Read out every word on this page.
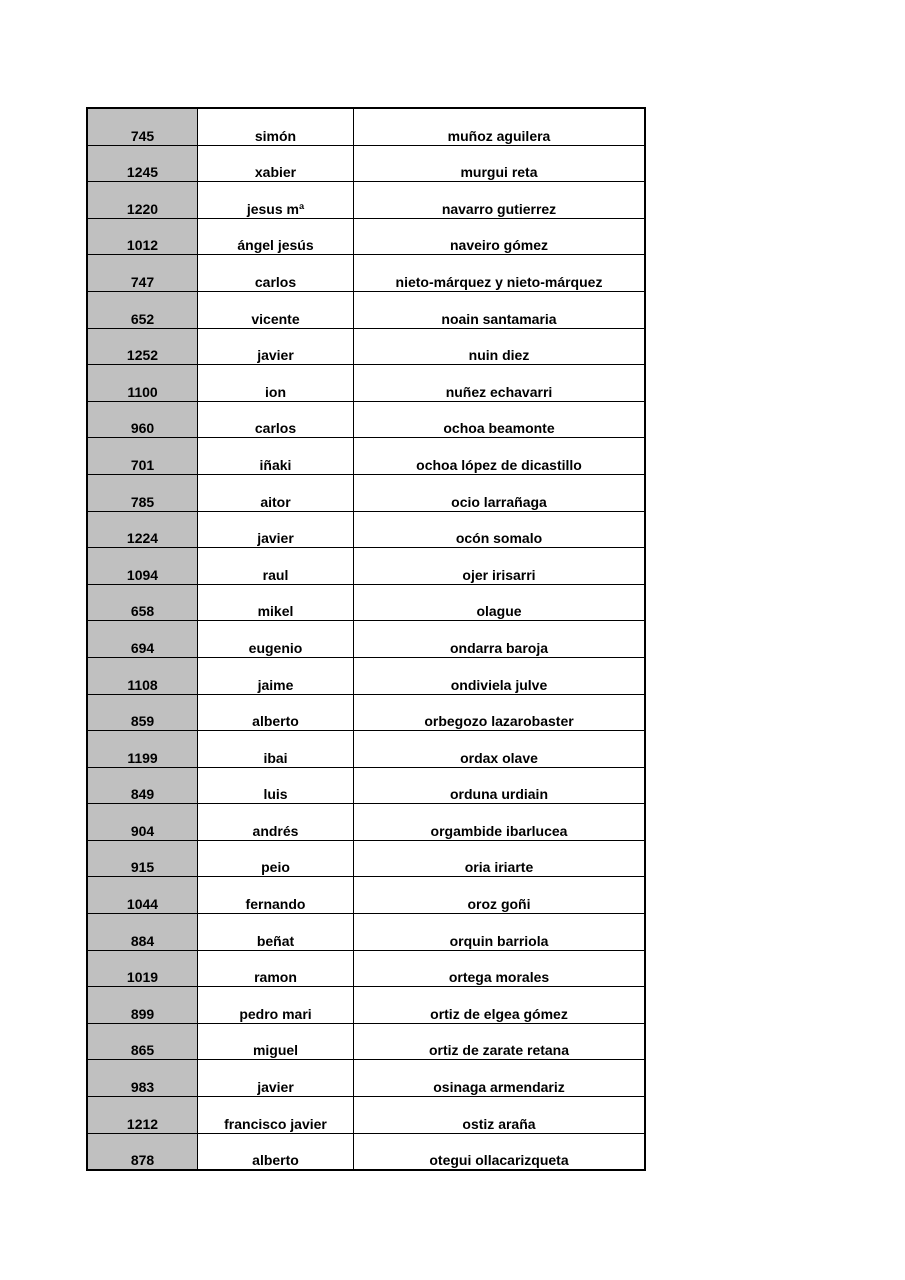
745	simón	muñoz aguilera
1245	xabier	murgui reta
1220	jesus mª	navarro gutierrez
1012	ángel jesús	naveiro gómez
747	carlos	nieto-márquez y nieto-márquez
652	vicente	noain santamaria
1252	javier	nuin diez
1100	ion	nuñez echavarri
960	carlos	ochoa beamonte
701	iñaki	ochoa lópez de dicastillo
785	aitor	ocio larrañaga
1224	javier	ocón somalo
1094	raul	ojer irisarri
658	mikel	olague
694	eugenio	ondarra baroja
1108	jaime	ondiviela julve
859	alberto	orbegozo lazarobaster
1199	ibai	ordax olave
849	luis	orduna urdiain
904	andrés	orgambide ibarlucea
915	peio	oria iriarte
1044	fernando	oroz goñi
884	beñat	orquin barriola
1019	ramon	ortega morales
899	pedro mari	ortiz de elgea gómez
865	miguel	ortiz de zarate retana
983	javier	osinaga armendariz
1212	francisco javier	ostiz araña
878	alberto	otegui ollacarizqueta
